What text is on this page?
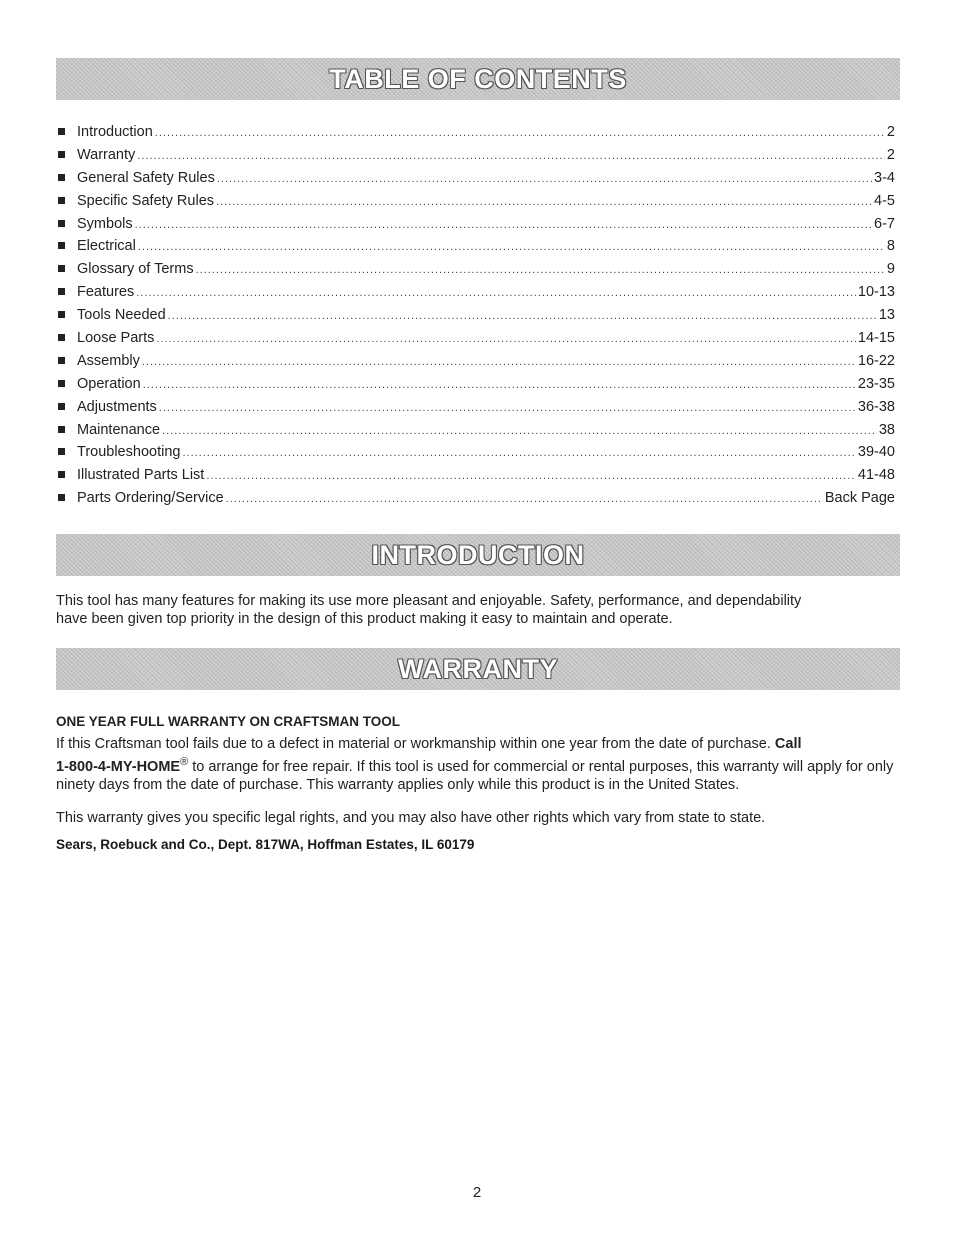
TABLE OF CONTENTS
Introduction .....	2
Warranty .....	2
General Safety Rules .....	3-4
Specific Safety Rules .....	4-5
Symbols .....	6-7
Electrical .....	8
Glossary of Terms .....	9
Features .....	10-13
Tools Needed .....	13
Loose Parts .....	14-15
Assembly .....	16-22
Operation .....	23-35
Adjustments .....	36-38
Maintenance .....	38
Troubleshooting .....	39-40
Illustrated Parts List .....	41-48
Parts Ordering/Service .....	Back Page
INTRODUCTION

This tool has many features for making its use more pleasant and enjoyable. Safety, performance, and dependability
have been given top priority in the design of this product making it easy to maintain and operate.

WARRANTY
ONE YEAR FULL WARRANTY ON CRAFTSMAN TOOL

If this Craftsman tool fails due to a defect in material or workmanship within one year from the date of purchase. Call
1-800-4-MY-HOME® to arrange for free repair. If this tool is used for commercial or rental purposes, this warranty will apply for only ninety days from the date of purchase. This warranty applies only while this product is in the United States.

This warranty gives you specific legal rights, and you may also have other rights which vary from state to state.

Sears, Roebuck and Co., Dept. 817WA, Hoffman Estates, IL 60179
2
